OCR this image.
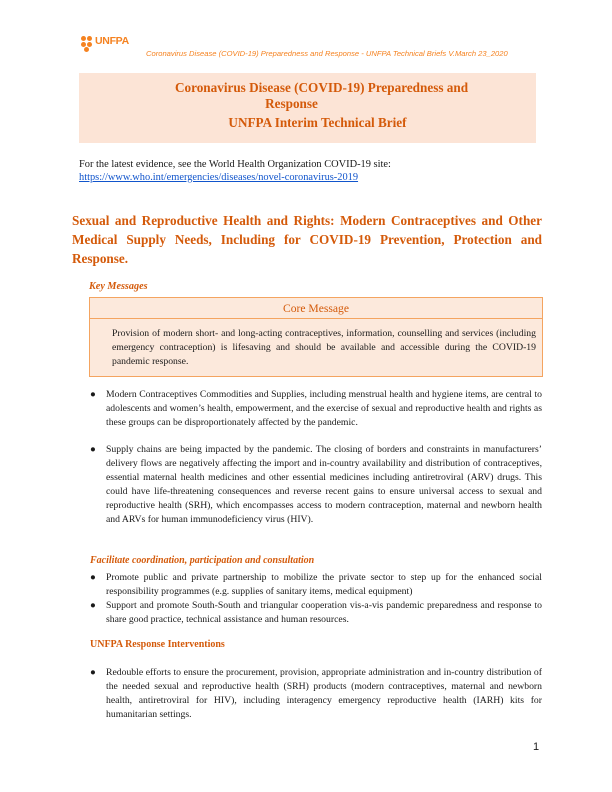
UNFPA
Coronavirus Disease (COVID-19) Preparedness and Response - UNFPA Technical Briefs V.March 23_2020
Coronavirus Disease (COVID-19) Preparedness and
Response
UNFPA Interim Technical Brief
For the latest evidence, see the World Health Organization COVID-19 site:
https://www.who.int/emergencies/diseases/novel-coronavirus-2019
Sexual and Reproductive Health and Rights: Modern Contraceptives and Other Medical Supply Needs, Including for COVID-19 Prevention, Protection and Response.
Key Messages
Core Message
Provision of modern short- and long-acting contraceptives, information, counselling and services (including emergency contraception) is lifesaving and should be available and accessible during the COVID-19 pandemic response.
● Modern Contraceptives Commodities and Supplies, including menstrual health and hygiene items, are central to adolescents and women’s health, empowerment, and the exercise of sexual and reproductive health and rights as these groups can be disproportionately affected by the pandemic.
● Supply chains are being impacted by the pandemic. The closing of borders and constraints in manufacturers’ delivery flows are negatively affecting the import and in-country availability and distribution of contraceptives, essential maternal health medicines and other essential medicines including antiretroviral (ARV) drugs. This could have life-threatening consequences and reverse recent gains to ensure universal access to sexual and reproductive health (SRH), which encompasses access to modern contraception, maternal and newborn health and ARVs for human immunodeficiency virus (HIV).
Facilitate coordination, participation and consultation
● Promote public and private partnership to mobilize the private sector to step up for the enhanced social responsibility programmes (e.g. supplies of sanitary items, medical equipment)
● Support and promote South-South and triangular cooperation vis-a-vis pandemic preparedness and response to share good practice, technical assistance and human resources.
UNFPA Response Interventions
● Redouble efforts to ensure the procurement, provision, appropriate administration and in-country distribution of the needed sexual and reproductive health (SRH) products (modern contraceptives, maternal and newborn health, antiretroviral for HIV), including interagency emergency reproductive health (IARH) kits for humanitarian settings.
1
